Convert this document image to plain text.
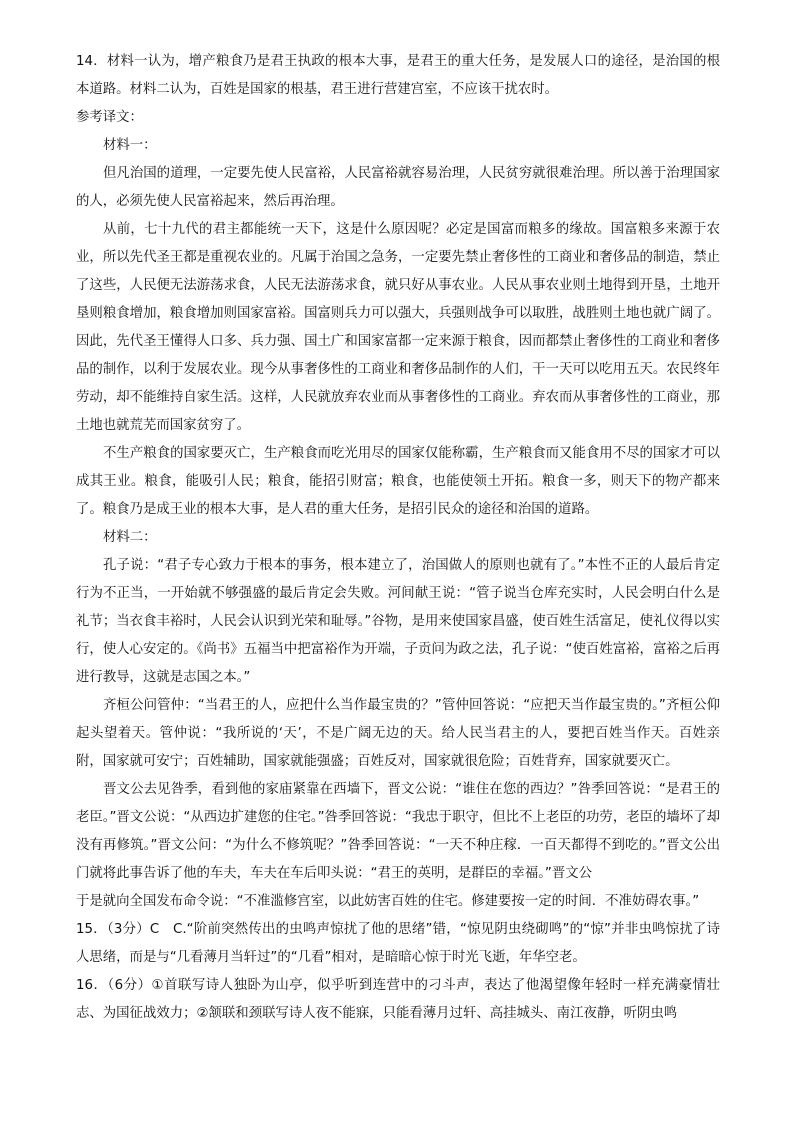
14．材料一认为，增产粮食乃是君王执政的根本大事，是君王的重大任务，是发展人口的途径，是治国的根本道路。材料二认为，百姓是国家的根基，君王进行营建宫室，不应该干扰农时。

参考译文：

材料一：

但凡治国的道理，一定要先使人民富裕，人民富裕就容易治理，人民贫穷就很难治理。所以善于治理国家的人，必须先使人民富裕起来，然后再治理。

从前，七十九代的君主都能统一天下，这是什么原因呢？必定是国富而粮多的缘故。国富粮多来源于农业，所以先代圣王都是重视农业的。凡属于治国之急务，一定要先禁止奢侈性的工商业和奢侈品的制造，禁止了这些，人民便无法游荡求食，人民无法游荡求食，就只好从事农业。人民从事农业则土地得到开垦，土地开垦则粮食增加，粮食增加则国家富裕。国富则兵力可以强大，兵强则战争可以取胜，战胜则土地也就广阔了。因此，先代圣王懂得人口多、兵力强、国土广和国家富都一定来源于粮食，因而都禁止奢侈性的工商业和奢侈品的制作，以利于发展农业。现今从事奢侈性的工商业和奢侈品制作的人们，干一天可以吃用五天。农民终年劳动，却不能维持自家生活。这样，人民就放弃农业而从事奢侈性的工商业。弃农而从事奢侈性的工商业，那土地也就荒芜而国家贫穷了。

不生产粮食的国家要灭亡，生产粮食而吃光用尽的国家仅能称霸，生产粮食而又能食用不尽的国家才可以成其王业。粮食，能吸引人民；粮食，能招引财富；粮食，也能使领土开拓。粮食一多，则天下的物产都来了。粮食乃是成王业的根本大事，是人君的重大任务，是招引民众的途径和治国的道路。

材料二：

孔子说：“君子专心致力于根本的事务，根本建立了，治国做人的原则也就有了。”本性不正的人最后肯定行为不正当，一开始就不够强盛的最后肯定会失败。河间献王说：“管子说当仓库充实时，人民会明白什么是礼节；当衣食丰裕时，人民会认识到光荣和耻辱。”谷物，是用来使国家昌盛，使百姓生活富足，使礼仪得以实行，使人心安定的。《尚书》五福当中把富裕作为开端，子贡问为政之法，孔子说：“使百姓富裕，富裕之后再进行教导，这就是志国之本。”

齐桓公问管仲：“当君王的人，应把什么当作最宝贵的？”管仲回答说：“应把天当作最宝贵的。”齐桓公仰起头望着天。管仲说：“我所说的‘天’，不是广阔无边的天。给人民当君主的人，要把百姓当作天。百姓亲附，国家就可安宁；百姓辅助，国家就能强盛；百姓反对，国家就很危险；百姓背弃，国家就要灭亡。

晋文公去见咎季，看到他的家庙紧靠在西墙下，晋文公说：“谁住在您的西边？”咎季回答说：“是君王的老臣。”晋文公说：“从西边扩建您的住宅。”咎季回答说：“我忠于职守，但比不上老臣的功劳，老臣的墙坏了却没有再修筑。”晋文公问：“为什么不修筑呢？”咎季回答说：“一天不种庄稼．一百天都得不到吃的。”晋文公出门就将此事告诉了他的车夫，车夫在车后叩头说：“君王的英明，是群臣的幸福。”晋文公

于是就向全国发布命令说：“不准滥修宫室，以此妨害百姓的住宅。修建要按一定的时间．不准妨碍农事。”

15．（3分）C　C.“阶前突然传出的虫鸣声惊扰了他的思绪”错，“惊见阴虫绕砌鸣”的“惊”并非虫鸣惊扰了诗人思绪，而是与“几看薄月当轩过”的“几看”相对，是暗暗心惊于时光飞逝，年华空老。

16．（6分）①首联写诗人独卧为山亭，似乎听到连营中的刁斗声，表达了他渴望像年轻时一样充满豪情壮志、为国征战效力；②颔联和颈联写诗人夜不能寐，只能看薄月过轩、高挂城头、南江夜静，听阴虫鸣
